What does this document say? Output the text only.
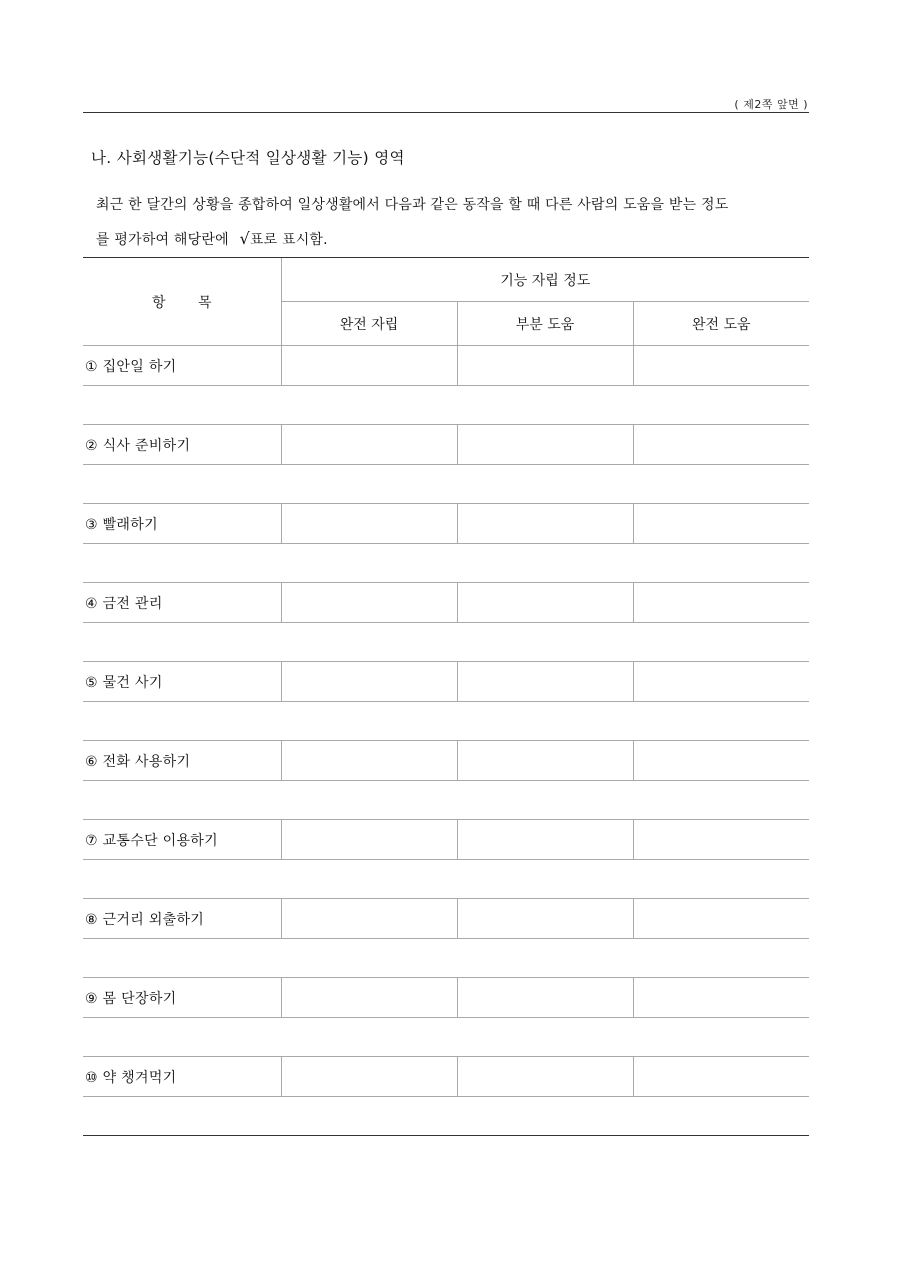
( 제2쪽 앞면 )
나. 사회생활기능(수단적 일상생활 기능) 영역
최근 한 달간의 상황을 종합하여 일상생활에서 다음과 같은 동작을 할 때 다른 사람의 도움을 받는 정도
를 평가하여 해당란에 √표로 표시함.
항 목	기능 자립 정도		
	완전 자립	부분 도움	완전 도움
① 집안일 하기			

② 식사 준비하기			

③ 빨래하기			

④ 금전 관리			

⑤ 물건 사기			

⑥ 전화 사용하기			

⑦ 교통수단 이용하기			

⑧ 근거리 외출하기			

⑨ 몸 단장하기			

⑩ 약 챙겨먹기			
